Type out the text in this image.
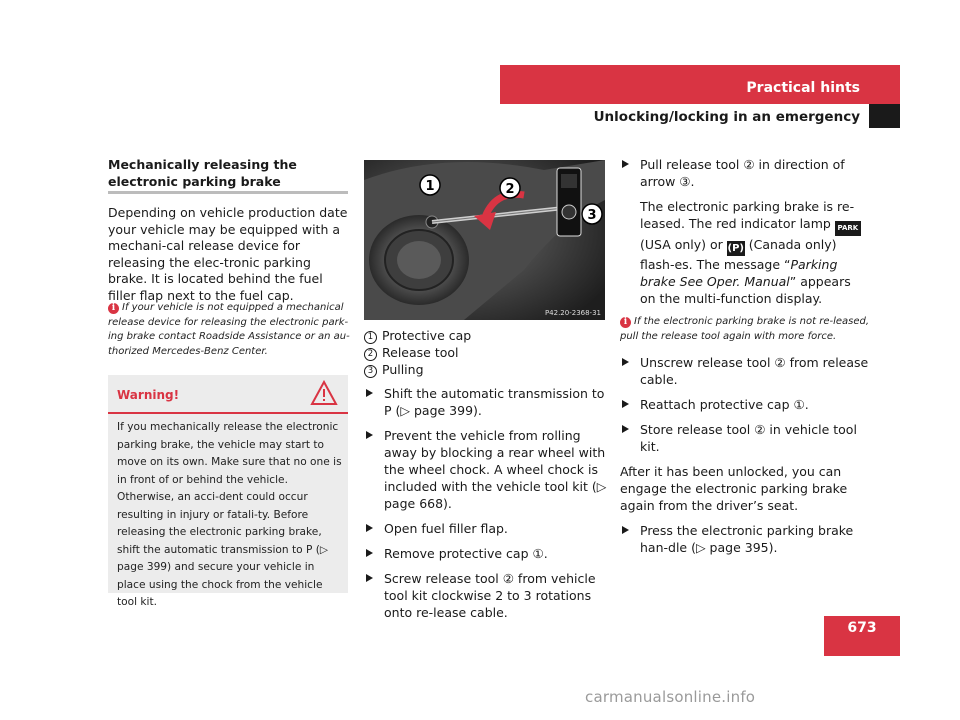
Practical hints
Unlocking/locking in an emergency
Mechanically releasing the electronic parking brake
Depending on vehicle production date your vehicle may be equipped with a mechani-cal release device for releasing the elec-tronic parking brake. It is located behind the fuel filler flap next to the fuel cap.
i If your vehicle is not equipped a mechanical release device for releasing the electronic park-ing brake contact Roadside Assistance or an au-thorized Mercedes-Benz Center.
Warning!
If you mechanically release the electronic parking brake, the vehicle may start to move on its own. Make sure that no one is in front of or behind the vehicle. Otherwise, an acci-dent could occur resulting in injury or fatali-ty. Before releasing the electronic parking brake, shift the automatic transmission to P (▷ page 399) and secure your vehicle in place using the chock from the vehicle tool kit.
1	2
3
P42.20-2368-31
1 Protective cap
2 Release tool
3 Pulling
Shift the automatic transmission to P (▷ page 399).
Prevent the vehicle from rolling away by blocking a rear wheel with the wheel chock. A wheel chock is included with the vehicle tool kit (▷ page 668).
Open fuel filler flap.
Remove protective cap ①.
Screw release tool ② from vehicle tool kit clockwise 2 to 3 rotations onto re-lease cable.
Pull release tool ② in direction of arrow ③.
The electronic parking brake is re-leased. The red indicator lamp PARK (USA only) or (P) (Canada only) flash-es. The message “Parking brake See Oper. Manual” appears on the multi-function display.
i If the electronic parking brake is not re-leased, pull the release tool again with more force.
Unscrew release tool ② from release cable.
Reattach protective cap ①.
Store release tool ② in vehicle tool kit.
After it has been unlocked, you can engage the electronic parking brake again from the driver’s seat.
Press the electronic parking brake han-dle (▷ page 395).
673
carmanualsonline.info
